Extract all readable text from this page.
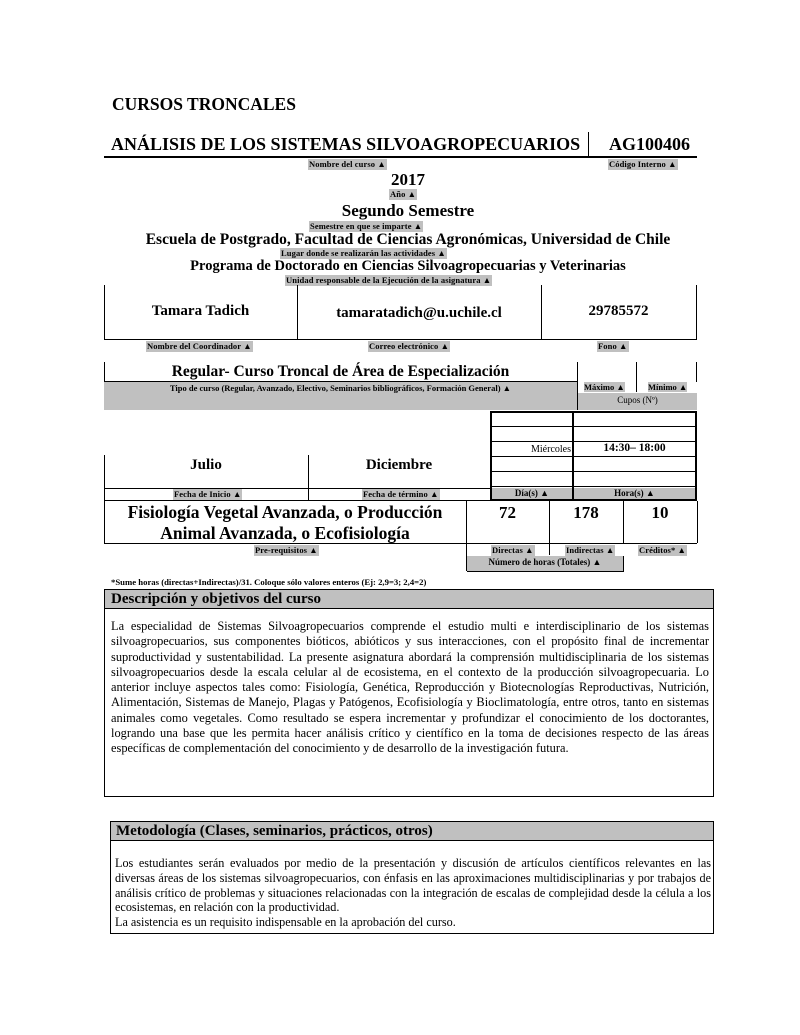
CURSOS TRONCALES
ANÁLISIS DE LOS SISTEMAS SILVOAGROPECUARIOS AG100406
Nombre del curso ▲	Código Interno ▲
2017
Año ▲
Segundo Semestre
Semestre en que se imparte ▲
Escuela de Postgrado, Facultad de Ciencias Agronómicas, Universidad de Chile
Lugar donde se realizarán las actividades ▲
Programa de Doctorado en Ciencias Silvoagropecuarias y Veterinarias
Unidad responsable de la Ejecución de la asignatura ▲
Tamara Tadich	tamaratadich@u.uchile.cl	29785572
Nombre del Coordinador ▲	Correo electrónico ▲	Fono ▲
Regular- Curso Troncal de Área de Especialización
Tipo de curso (Regular, Avanzado, Electivo, Seminarios bibliográficos, Formación General) ▲	Máximo ▲	Mínimo ▲
Cupos (Nº)
Julio	Diciembre
Fecha de Inicio ▲	Fecha de término ▲
Miércoles	14:30– 18:00
Día(s) ▲	Hora(s) ▲
Fisiología Vegetal Avanzada, o Producción
Animal Avanzada, o Ecofisiología
Pre-requisitos ▲
72	178	10
Directas ▲	Indirectas ▲	Créditos* ▲
Número de horas (Totales) ▲
*Sume horas (directas+Indirectas)/31. Coloque sólo valores enteros (Ej: 2,9=3; 2,4=2)
Descripción y objetivos del curso
La especialidad de Sistemas Silvoagropecuarios comprende el estudio multi e interdisciplinario de los sistemas silvoagropecuarios, sus componentes bióticos, abióticos y sus interacciones, con el propósito final de incrementar suproductividad y sustentabilidad. La presente asignatura abordará la comprensión multidisciplinaria de los sistemas silvoagropecuarios desde la escala celular al de ecosistema, en el contexto de la producción silvoagropecuaria. Lo anterior incluye aspectos tales como: Fisiología, Genética, Reproducción y Biotecnologías Reproductivas, Nutrición, Alimentación, Sistemas de Manejo, Plagas y Patógenos, Ecofisiología y Bioclimatología, entre otros, tanto en sistemas animales como vegetales. Como resultado se espera incrementar y profundizar el conocimiento de los doctorantes, logrando una base que les permita hacer análisis crítico y científico en la toma de decisiones respecto de las áreas específicas de complementación del conocimiento y de desarrollo de la investigación futura.
Metodología (Clases, seminarios, prácticos, otros)
Los estudiantes serán evaluados por medio de la presentación y discusión de artículos científicos relevantes en las diversas áreas de los sistemas silvoagropecuarios, con énfasis en las aproximaciones multidisciplinarias y por trabajos de análisis crítico de problemas y situaciones relacionadas con la integración de escalas de complejidad desde la célula a los ecosistemas, en relación con la productividad.
La asistencia es un requisito indispensable en la aprobación del curso.
